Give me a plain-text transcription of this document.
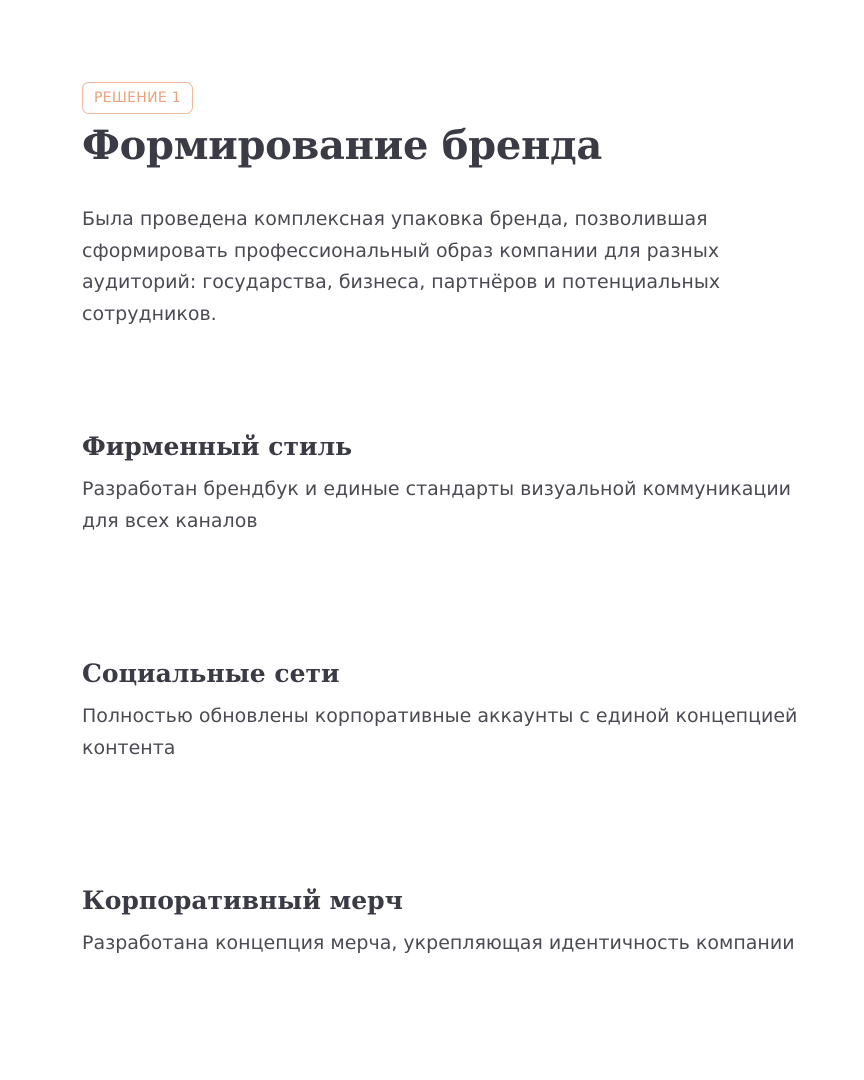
РЕШЕНИЕ 1
Формирование бренда

Была проведена комплексная упаковка бренда, позволившая сформировать профессиональный образ компании для разных аудиторий: государства, бизнеса, партнёров и потенциальных сотрудников.

Фирменный стиль

Разработан брендбук и единые стандарты визуальной коммуникации для всех каналов

Социальные сети

Полностью обновлены корпоративные аккаунты с единой концепцией контента

Корпоративный мерч

Разработана концепция мерча, укрепляющая идентичность компании
